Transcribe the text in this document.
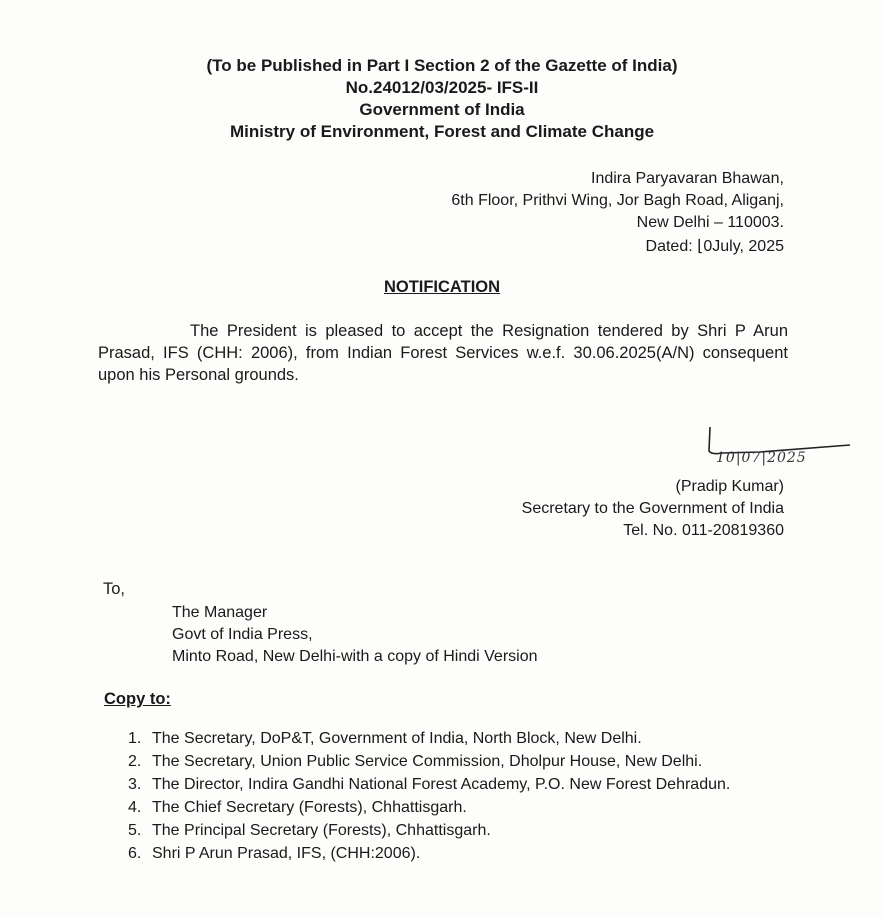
(To be Published in Part I Section 2 of the Gazette of India)
No.24012/03/2025- IFS-II
Government of India
Ministry of Environment, Forest and Climate Change
Indira Paryavaran Bhawan,
6th Floor, Prithvi Wing, Jor Bagh Road, Aliganj,
New Delhi – 110003.
Dated: ⌊0July, 2025
NOTIFICATION
The President is pleased to accept the Resignation tendered by Shri P Arun Prasad, IFS (CHH: 2006), from Indian Forest Services w.e.f. 30.06.2025(A/N) consequent upon his Personal grounds.
10|07|2025
(Pradip Kumar)
Secretary to the Government of India
Tel. No. 011-20819360
To,
The Manager
Govt of India Press,
Minto Road, New Delhi-with a copy of Hindi Version
Copy to:
1. The Secretary, DoP&T, Government of India, North Block, New Delhi.
2. The Secretary, Union Public Service Commission, Dholpur House, New Delhi.
3. The Director, Indira Gandhi National Forest Academy, P.O. New Forest Dehradun.
4. The Chief Secretary (Forests), Chhattisgarh.
5. The Principal Secretary (Forests), Chhattisgarh.
6. Shri P Arun Prasad, IFS, (CHH:2006).
